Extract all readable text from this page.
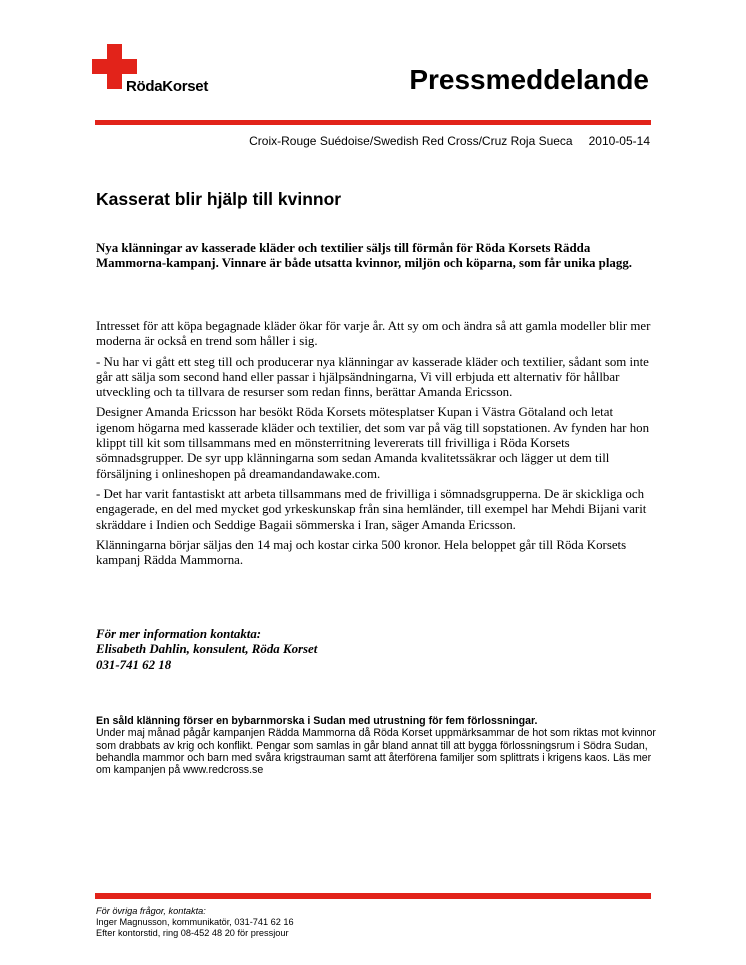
RödaKorset	Pressmeddelande
Croix-Rouge Suédoise/Swedish Red Cross/Cruz Roja Sueca 2010-05-14
Kasserat blir hjälp till kvinnor

Nya klänningar av kasserade kläder och textilier säljs till förmån för Röda Korsets Rädda Mammorna-kampanj. Vinnare är både utsatta kvinnor, miljön och köparna, som får unika plagg.

Intresset för att köpa begagnade kläder ökar för varje år. Att sy om och ändra så att gamla modeller blir mer moderna är också en trend som håller i sig.

- Nu har vi gått ett steg till och producerar nya klänningar av kasserade kläder och textilier, sådant som inte går att sälja som second hand eller passar i hjälpsändningarna, Vi vill erbjuda ett alternativ för hållbar utveckling och ta tillvara de resurser som redan finns, berättar Amanda Ericsson.

Designer Amanda Ericsson har besökt Röda Korsets mötesplatser Kupan i Västra Götaland och letat igenom högarna med kasserade kläder och textilier, det som var på väg till sopstationen. Av fynden har hon klippt till kit som tillsammans med en mönsterritning levererats till frivilliga i Röda Korsets sömnadsgrupper. De syr upp klänningarna som sedan Amanda kvalitetssäkrar och lägger ut dem till försäljning i onlineshopen på dreamandandawake.com.

- Det har varit fantastiskt att arbeta tillsammans med de frivilliga i sömnadsgrupperna. De är skickliga och engagerade, en del med mycket god yrkeskunskap från sina hemländer, till exempel har Mehdi Bijani varit skräddare i Indien och Seddige Bagaii sömmerska i Iran, säger Amanda Ericsson.

Klänningarna börjar säljas den 14 maj och kostar cirka 500 kronor. Hela beloppet går till Röda Korsets kampanj Rädda Mammorna.

För mer information kontakta:
Elisabeth Dahlin, konsulent, Röda Korset
031-741 62 18
En såld klänning förser en bybarnmorska i Sudan med utrustning för fem förlossningar.
Under maj månad pågår kampanjen Rädda Mammorna då Röda Korset uppmärksammar de hot som riktas mot kvinnor som drabbats av krig och konflikt. Pengar som samlas in går bland annat till att bygga förlossningsrum i Södra Sudan, behandla mammor och barn med svåra krigstrauman samt att återförena familjer som splittrats i krigens kaos. Läs mer om kampanjen på www.redcross.se
För övriga frågor, kontakta:
Inger Magnusson, kommunikatör, 031-741 62 16
Efter kontorstid, ring 08-452 48 20 för pressjour
